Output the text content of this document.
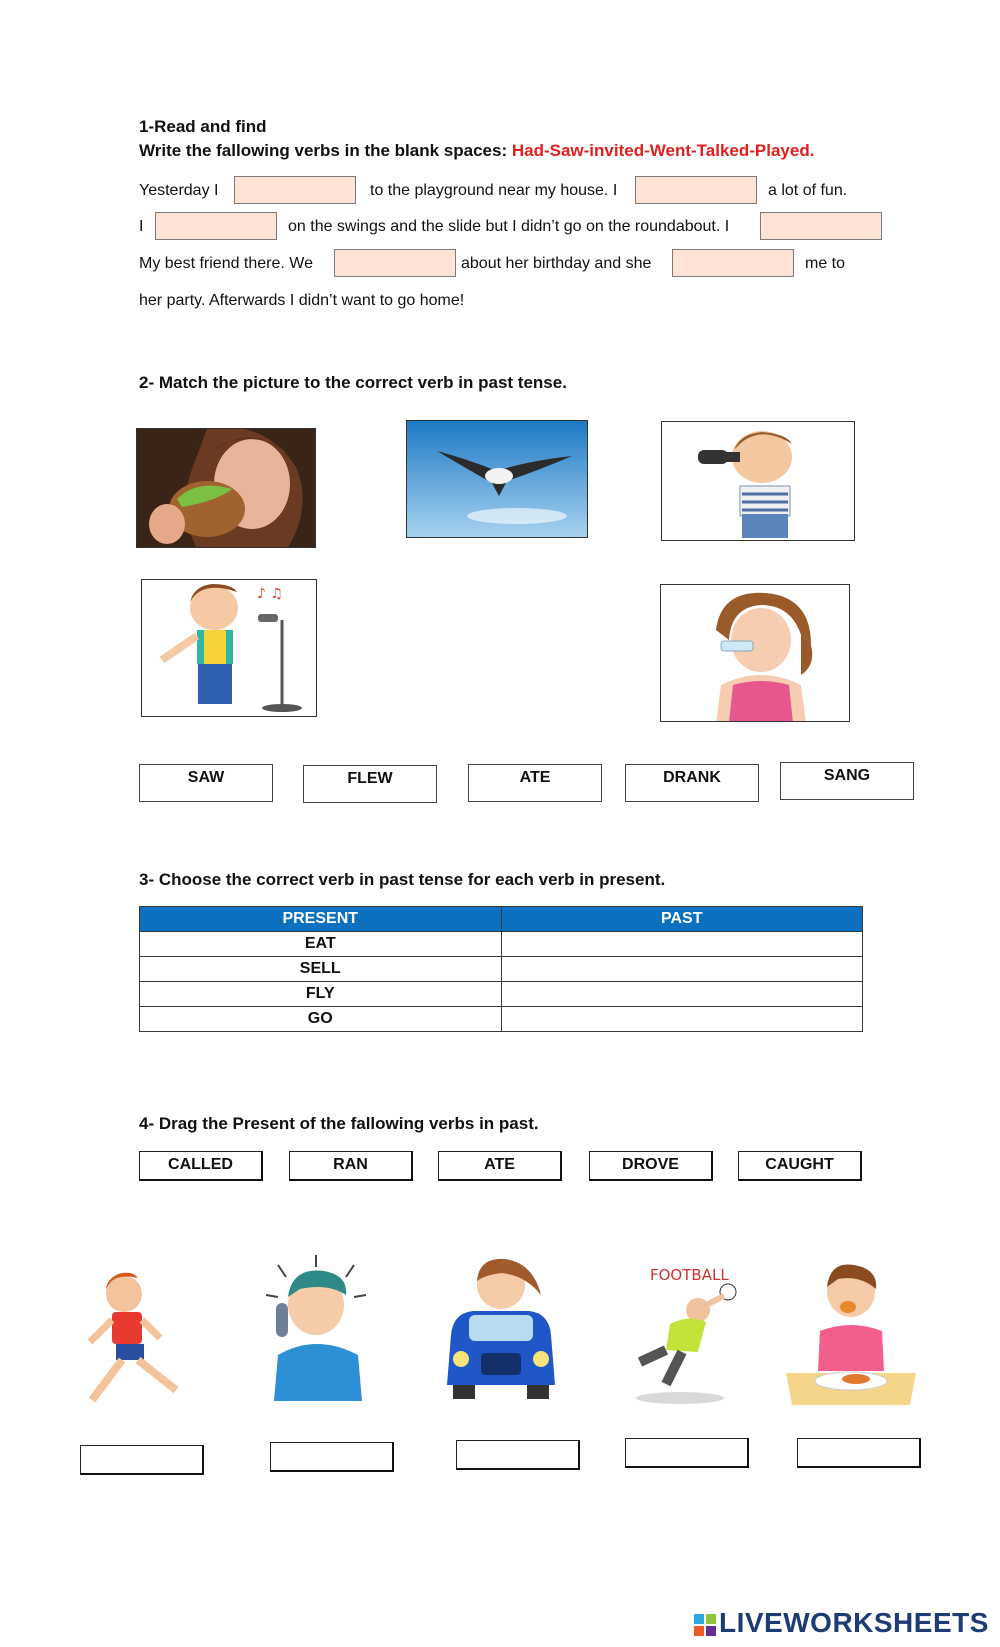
1-Read and find
Write the fallowing verbs in the blank spaces: Had-Saw-invited-Went-Talked-Played.
Yesterday I	to the playground near my house. I	a lot of fun.
I	on the swings and the slide but I didn’t go on the roundabout. I
My best friend there. We	about her birthday and she	me to
her party. Afterwards I didn’t want to go home!
2- Match the picture to the correct verb in past tense.
♪ ♫
SAW	FLEW	ATE	DRANK	SANG
3- Choose the correct verb in past tense for each verb in present.
PRESENT	PAST
EAT	
SELL	
FLY	
GO	
4- Drag the Present of the fallowing verbs in past.
CALLED	RAN	ATE	DROVE	CAUGHT
FOOTBALL

LIVEWORKSHEETS
